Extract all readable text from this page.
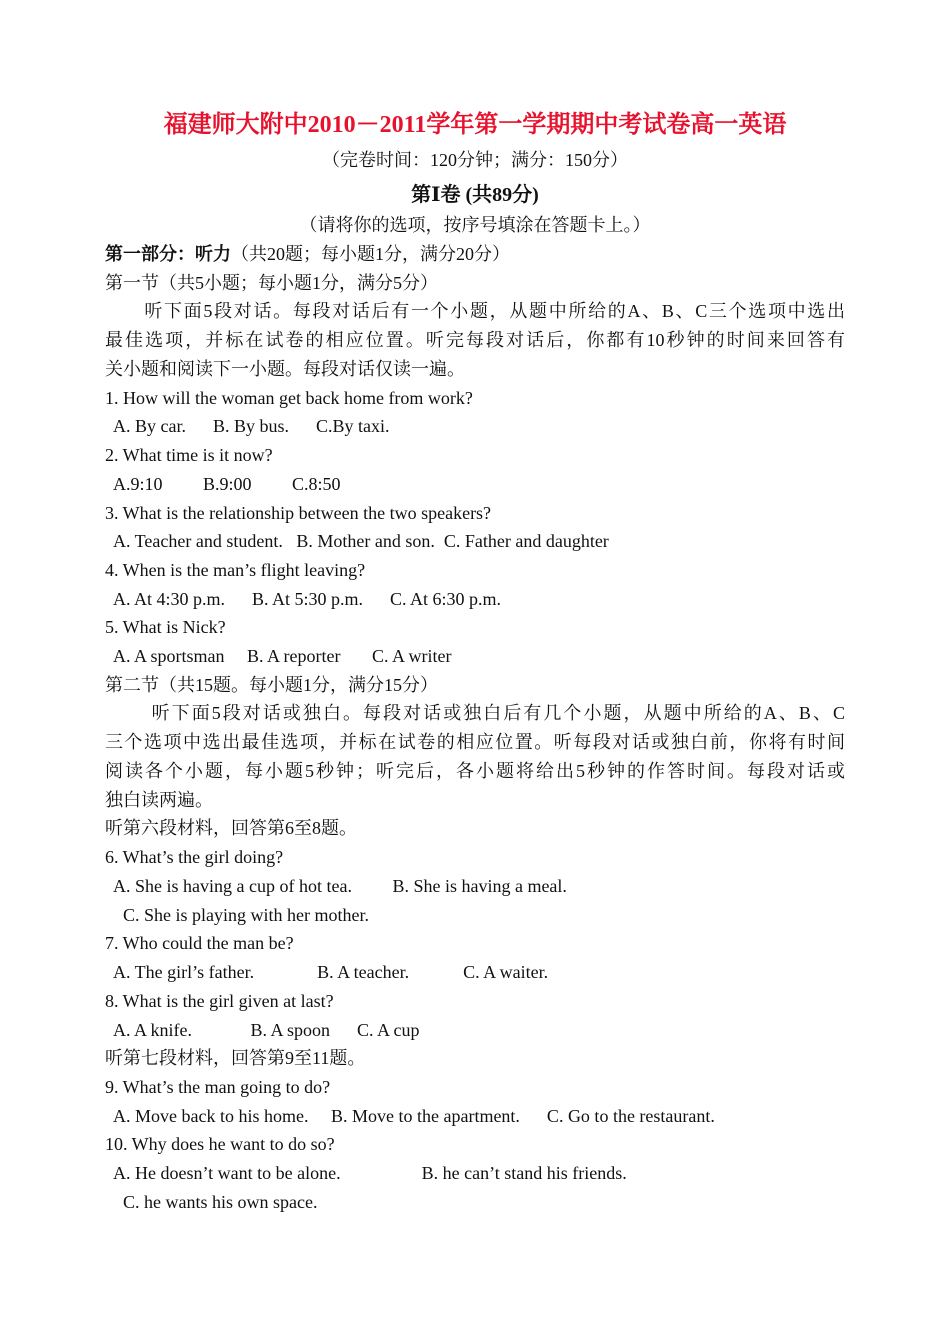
福建师大附中2010－2011学年第一学期期中考试卷高一英语
（完卷时间：120分钟；满分：150分）
第Ⅰ卷 (共89分)
（请将你的选项，按序号填涂在答题卡上。）
第一部分：听力（共20题；每小题1分，满分20分）
第一节（共5小题；每小题1分，满分5分）
　　听下面5段对话。每段对话后有一个小题，从题中所给的A、B、C三个选项中选出
最佳选项，并标在试卷的相应位置。听完每段对话后，你都有10秒钟的时间来回答有
关小题和阅读下一小题。每段对话仅读一遍。
1. How will the woman get back home from work?
A. By car.      B. By bus.      C.By taxi.
2. What time is it now?
A.9:10         B.9:00         C.8:50
3. What is the relationship between the two speakers?
A. Teacher and student.   B. Mother and son.  C. Father and daughter
4. When is the man’s flight leaving?
A. At 4:30 p.m.      B. At 5:30 p.m.      C. At 6:30 p.m.
5. What is Nick?
A. A sportsman     B. A reporter       C. A writer
第二节（共15题。每小题1分，满分15分）
　　 听下面5段对话或独白。每段对话或独白后有几个小题，从题中所给的A、B、C
三个选项中选出最佳选项，并标在试卷的相应位置。听每段对话或独白前，你将有时间
阅读各个小题，每小题5秒钟；听完后，各小题将给出5秒钟的作答时间。每段对话或
独白读两遍。
听第六段材料，回答第6至8题。
6. What’s the girl doing?
A. She is having a cup of hot tea.         B. She is having a meal.
C. She is playing with her mother.
7. Who could the man be?
A. The girl’s father.              B. A teacher.            C. A waiter.
8. What is the girl given at last?
A. A knife.             B. A spoon      C. A cup
听第七段材料，回答第9至11题。
9. What’s the man going to do?
A. Move back to his home.     B. Move to the apartment.      C. Go to the restaurant.
10. Why does he want to do so?
A. He doesn’t want to be alone.                  B. he can’t stand his friends.
C. he wants his own space.
